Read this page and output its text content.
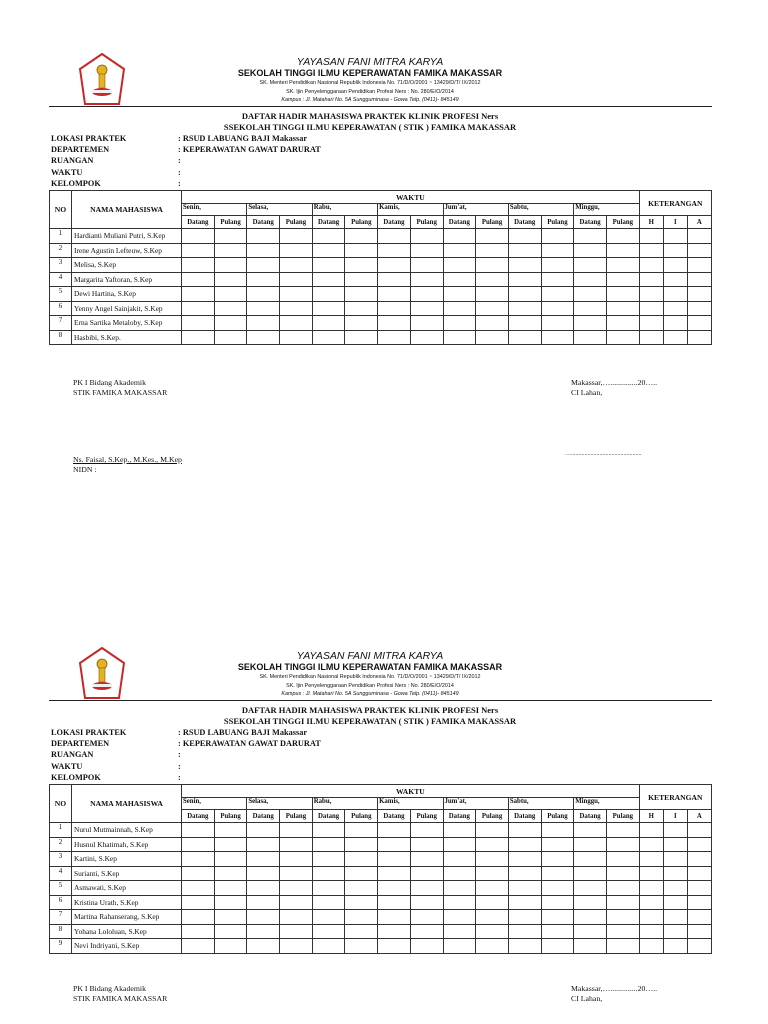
YAYASAN FANI MITRA KARYA
SEKOLAH TINGGI ILMU KEPERAWATAN FAMIKA MAKASSAR
SK. Menteri Pendidikan Nasional Republik Indonesia No. 71/D/O/2001 ~ 13429/D/T/ IX/2012
SK. Ijin Penyelenggaraan Pendidikan Profesi Ners : No. 280/E/O/2014
Kampus : Jl. Matahari No. 5A Sungguminasa - Gowa Telp. (0411)- 845149
DAFTAR HADIR MAHASISWA PRAKTEK KLINIK PROFESI Ners
SSEKOLAH TINGGI ILMU KEPERAWATAN ( STIK ) FAMIKA MAKASSAR
LOKASI PRAKTEK	: RSUD LABUANG BAJI Makassar
DEPARTEMEN	: KEPERAWATAN GAWAT DARURAT
RUANGAN	:
WAKTU	:
KELOMPOK	:
NO	NAMA MAHASISWA	WAKTU														KETERANGAN		
		Senin,		Selasa,		Rabu,		Kamis,		Jum'at,		Sabtu,		Minggu,				
		Datang	Pulang	Datang	Pulang	Datang	Pulang	Datang	Pulang	Datang	Pulang	Datang	Pulang	Datang	Pulang	H	I	A
1	Hardianti Muliani Putri, S.Kep																	
2	Irene Agustin Lefteuw, S.Kep																	
3	Melisa, S.Kep																	
4	Margarita Yaftoran, S.Kep																	
5	Dewi Hartina, S.Kep																	
6	Yenny Angel Sainjakit, S.Kep																	
7	Erna Sartika Metaloby, S.Kep																	
8	Hasbibi, S.Kep.																	
PK I Bidang Akademik
STIK FAMIKA MAKASSAR
Makassar,…..............20…..
CI Lahan,
Ns. Faisal, S.Kep., M.Kes., M.Kep
NIDN :
…...............................................
YAYASAN FANI MITRA KARYA
SEKOLAH TINGGI ILMU KEPERAWATAN FAMIKA MAKASSAR
SK. Menteri Pendidikan Nasional Republik Indonesia No. 71/D/O/2001 ~ 13429/D/T/ IX/2012
SK. Ijin Penyelenggaraan Pendidikan Profesi Ners : No. 280/E/O/2014
Kampus : Jl. Matahari No. 5A Sungguminasa - Gowa Telp. (0411)- 845149
DAFTAR HADIR MAHASISWA PRAKTEK KLINIK PROFESI Ners
SSEKOLAH TINGGI ILMU KEPERAWATAN ( STIK ) FAMIKA MAKASSAR
LOKASI PRAKTEK	: RSUD LABUANG BAJI Makassar
DEPARTEMEN	: KEPERAWATAN GAWAT DARURAT
RUANGAN	:
WAKTU	:
KELOMPOK	:
NO	NAMA MAHASISWA	WAKTU														KETERANGAN		
		Senin,		Selasa,		Rabu,		Kamis,		Jum'at,		Sabtu,		Minggu,				
		Datang	Pulang	Datang	Pulang	Datang	Pulang	Datang	Pulang	Datang	Pulang	Datang	Pulang	Datang	Pulang	H	I	A
1	Nurul Mutmainnah, S.Kep																	
2	Husnul Khatimah, S.Kep																	
3	Kartini, S.Kep																	
4	Surianti, S.Kep																	
5	Asmawati, S.Kep																	
6	Kristina Urath, S.Kep																	
7	Martina Rahanserang, S.Kep																	
8	Yohana Lololuan, S.Kep																	
9	Nevi Indriyani, S.Kep																	
PK I Bidang Akademik
STIK FAMIKA MAKASSAR
Makassar,…..............20…..
CI Lahan,
